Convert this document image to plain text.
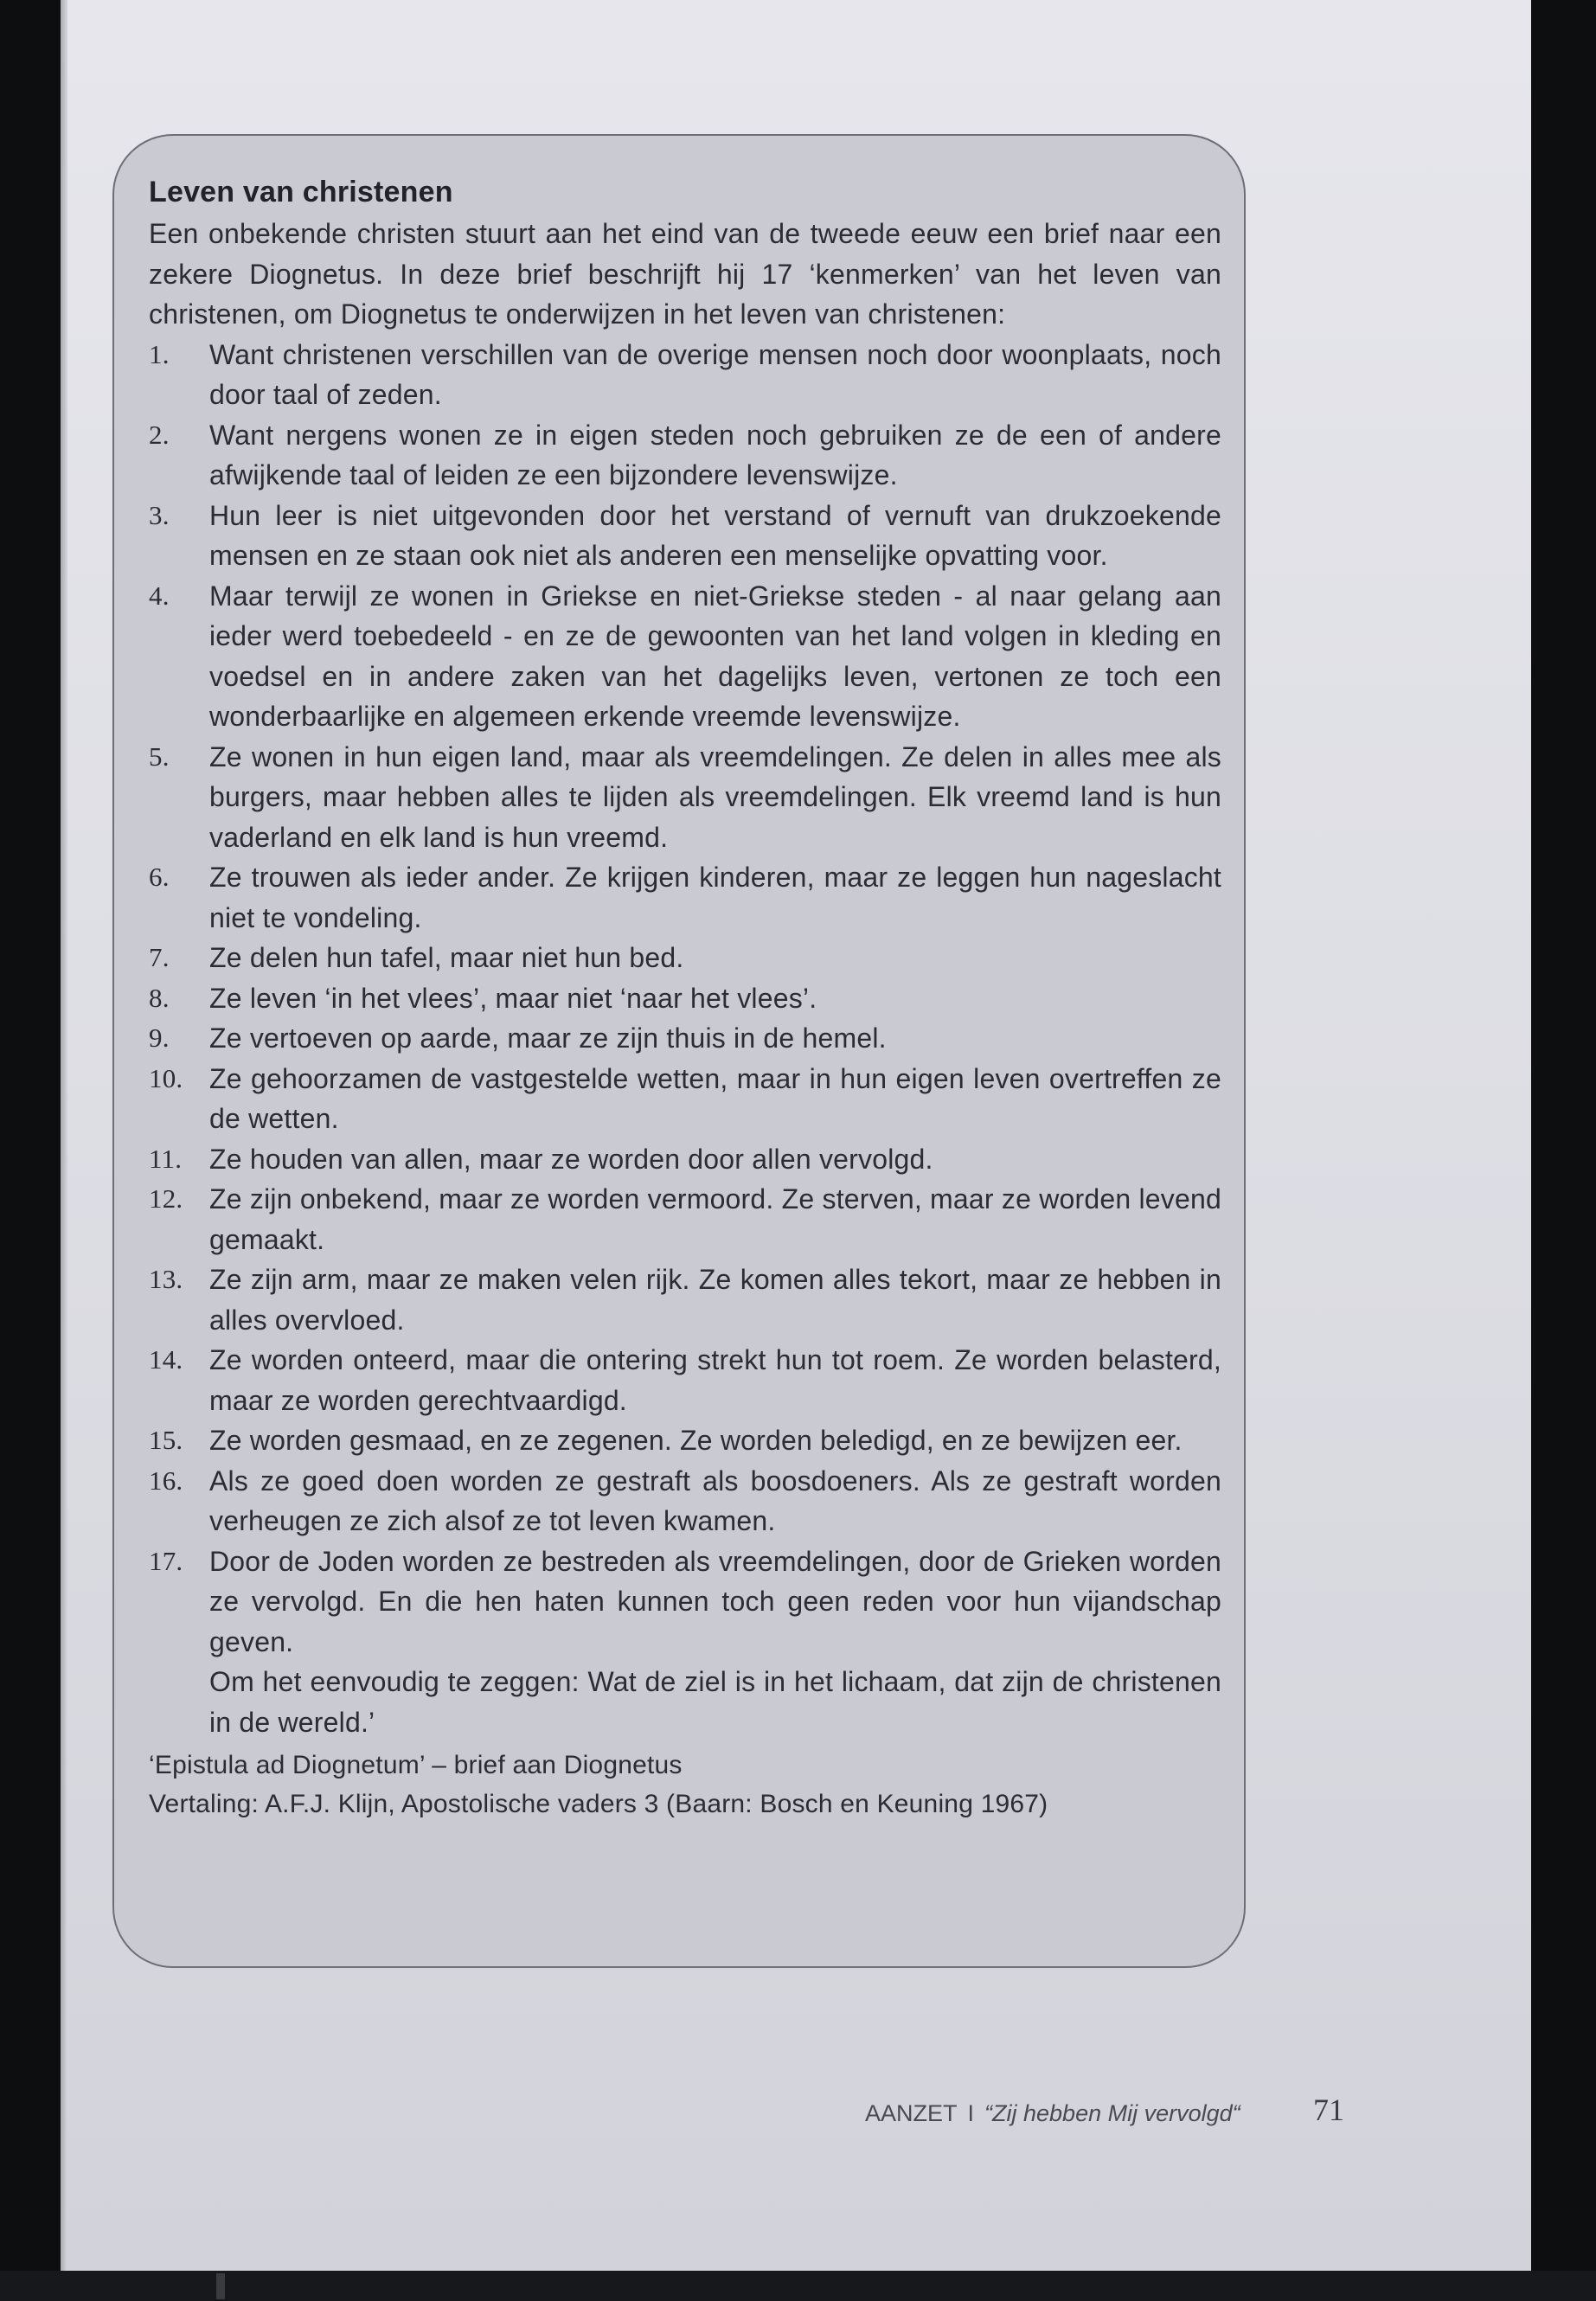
Leven van christenen
Een onbekende christen stuurt aan het eind van de tweede eeuw een brief naar een zekere Diognetus. In deze brief beschrijft hij 17 ‘kenmerken’ van het leven van christenen, om Diognetus te onderwijzen in het leven van christenen:
1.	Want christenen verschillen van de overige mensen noch door woonplaats, noch door taal of zeden.
2.	Want nergens wonen ze in eigen steden noch gebruiken ze de een of andere afwijkende taal of leiden ze een bijzondere levenswijze.
3.	Hun leer is niet uitgevonden door het verstand of vernuft van drukzoekende mensen en ze staan ook niet als anderen een menselijke opvatting voor.
4.	Maar terwijl ze wonen in Griekse en niet-Griekse steden - al naar gelang aan ieder werd toebedeeld - en ze de gewoonten van het land volgen in kleding en voedsel en in andere zaken van het dagelijks leven, vertonen ze toch een wonderbaarlijke en algemeen erkende vreemde levenswijze.
5.	Ze wonen in hun eigen land, maar als vreemdelingen. Ze delen in alles mee als burgers, maar hebben alles te lijden als vreemdelingen. Elk vreemd land is hun vaderland en elk land is hun vreemd.
6.	Ze trouwen als ieder ander. Ze krijgen kinderen, maar ze leggen hun nageslacht niet te vondeling.
7.	Ze delen hun tafel, maar niet hun bed.
8.	Ze leven ‘in het vlees’, maar niet ‘naar het vlees’.
9.	Ze vertoeven op aarde, maar ze zijn thuis in de hemel.
10. Ze gehoorzamen de vastgestelde wetten, maar in hun eigen leven overtreffen ze de wetten.
11. Ze houden van allen, maar ze worden door allen vervolgd.
12. Ze zijn onbekend, maar ze worden vermoord. Ze sterven, maar ze worden levend gemaakt.
13. Ze zijn arm, maar ze maken velen rijk. Ze komen alles tekort, maar ze hebben in alles overvloed.
14. Ze worden onteerd, maar die ontering strekt hun tot roem. Ze worden belasterd, maar ze worden gerechtvaardigd.
15. Ze worden gesmaad, en ze zegenen. Ze worden beledigd, en ze bewijzen eer.
16. Als ze goed doen worden ze gestraft als boosdoeners. Als ze gestraft worden verheugen ze zich alsof ze tot leven kwamen.
17. Door de Joden worden ze bestreden als vreemdelingen, door de Grieken worden ze vervolgd. En die hen haten kunnen toch geen reden voor hun vijandschap geven.
Om het eenvoudig te zeggen: Wat de ziel is in het lichaam, dat zijn de christenen in de wereld.’
‘Epistula ad Diognetum’ – brief aan Diognetus
Vertaling: A.F.J. Klijn, Apostolische vaders 3 (Baarn: Bosch en Keuning 1967)
AANZET I “Zij hebben Mij vervolgd“ 71
